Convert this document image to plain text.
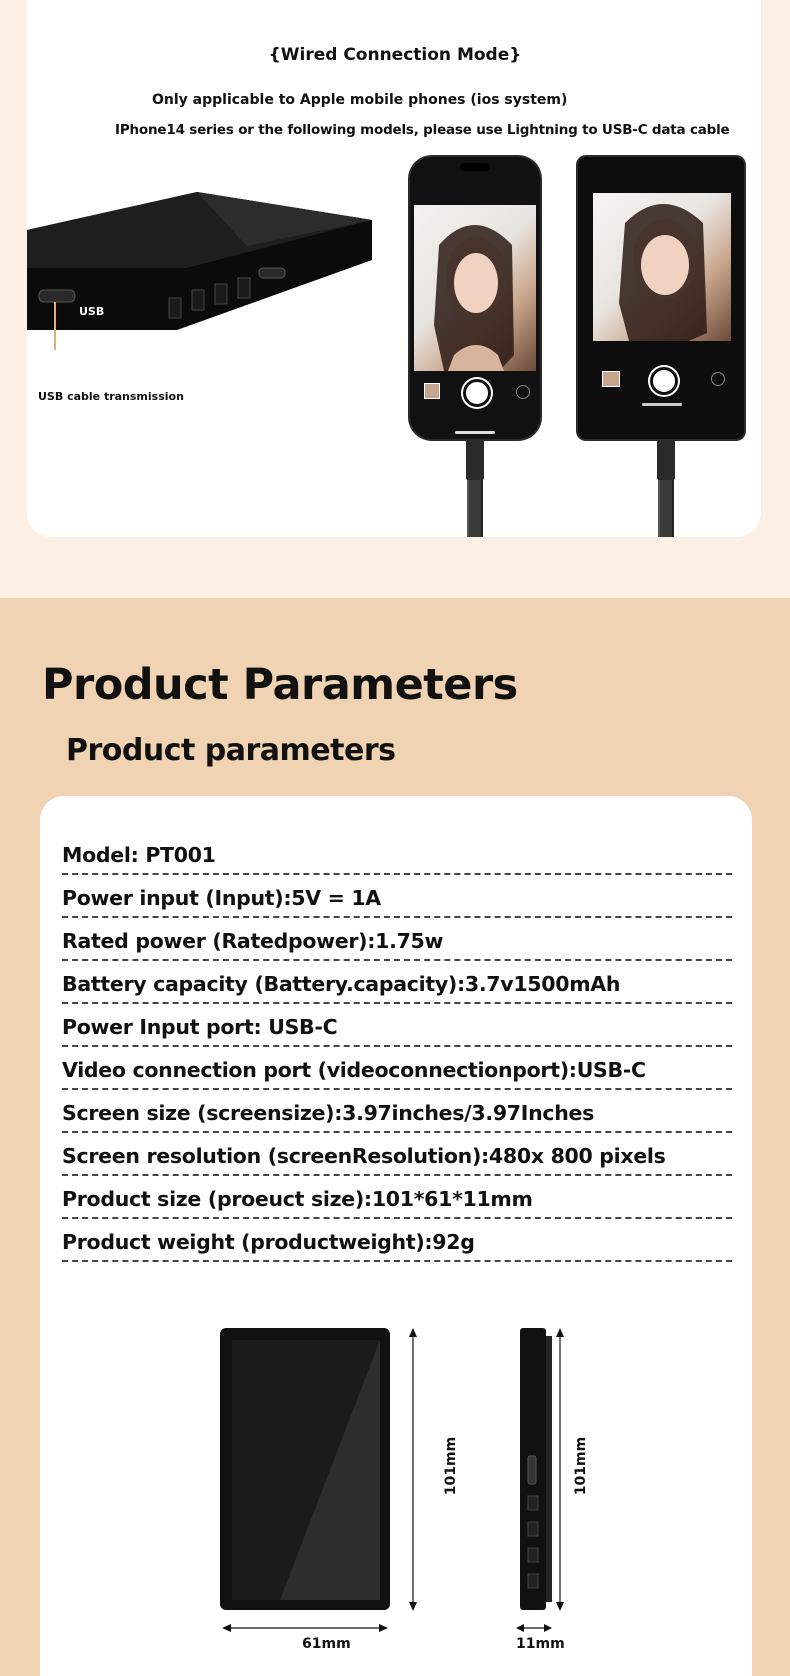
{Wired Connection Mode}
Only applicable to Apple mobile phones (ios system)
IPhone14 series or the following models, please use Lightning to USB-C data cable
USB
USB cable transmission
Product Parameters
Product parameters
Model: PT001
Power input (Input):5V = 1A
Rated power (Ratedpower):1.75w
Battery capacity (Battery.capacity):3.7v1500mAh
Power Input port: USB-C
Video connection port (videoconnectionport):USB-C
Screen size (screensize):3.97inches/3.97Inches
Screen resolution (screenResolution):480x 800 pixels
Product size (proeuct size):101*61*11mm
Product weight (productweight):92g
61mm
101mm
11mm
101mm
